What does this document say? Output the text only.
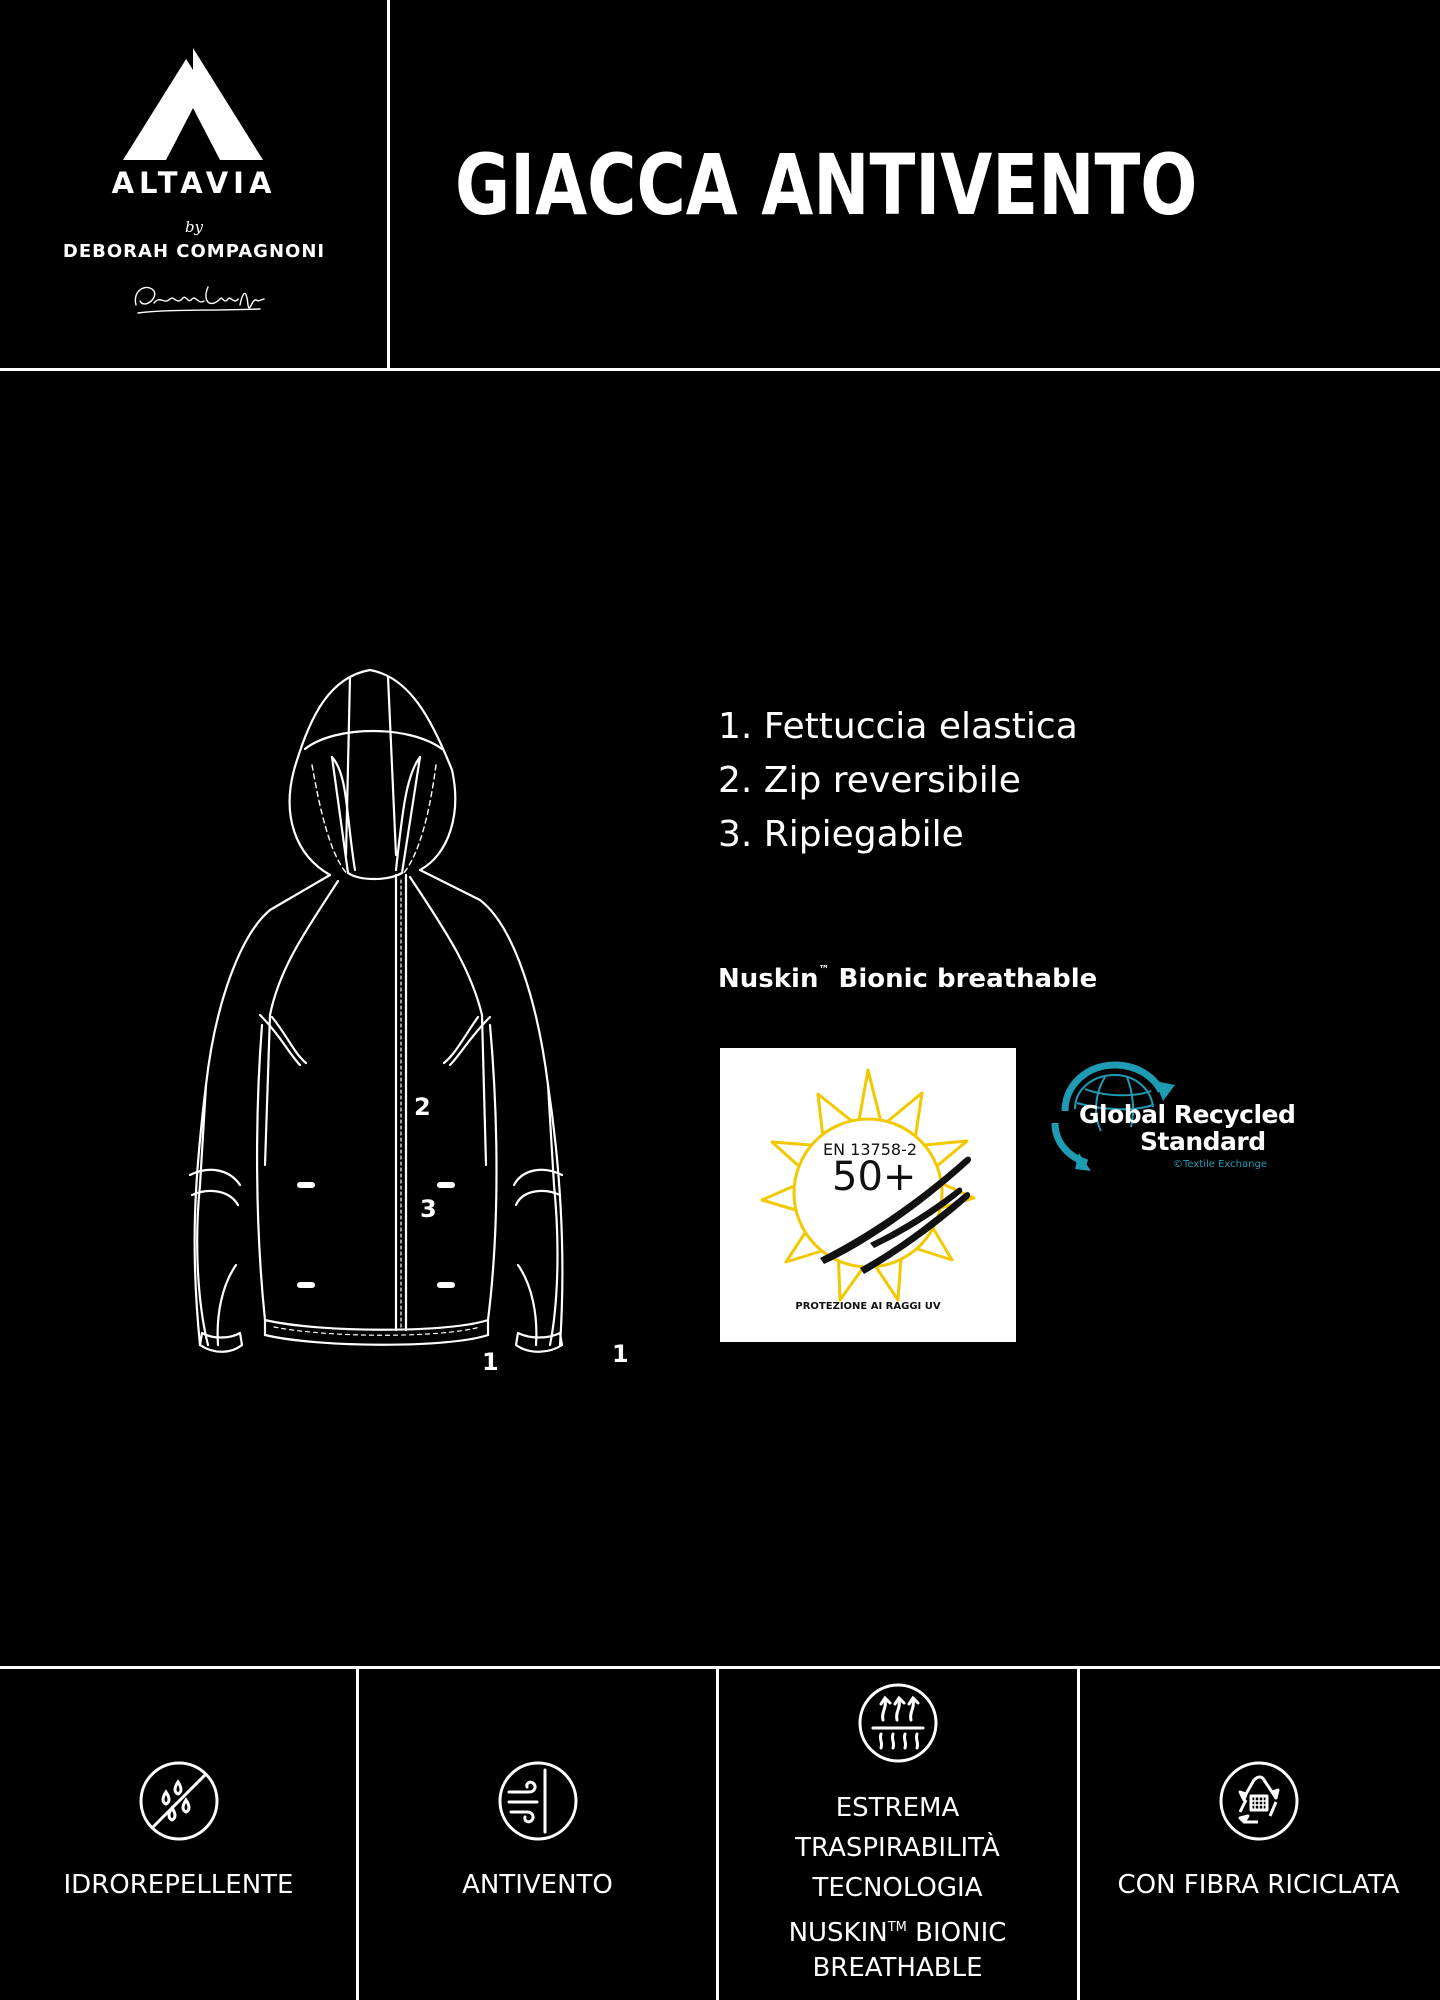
ALTAVIA
by
DEBORAH COMPAGNONI
GIACCA ANTIVENTO
2
3
1	1
1. Fettuccia elastica
2. Zip reversibile
3. Ripiegabile
Nuskin™ Bionic breathable
EN 13758-2
50+
PROTEZIONE AI RAGGI UV
Global Recycled
Standard
©Textile Exchange
IDROREPELLENTE	ANTIVENTO
ESTREMA
TRASPIRABILITÀ
TECNOLOGIA
NUSKIN™ BIONIC
BREATHABLE
CON FIBRA RICICLATA
